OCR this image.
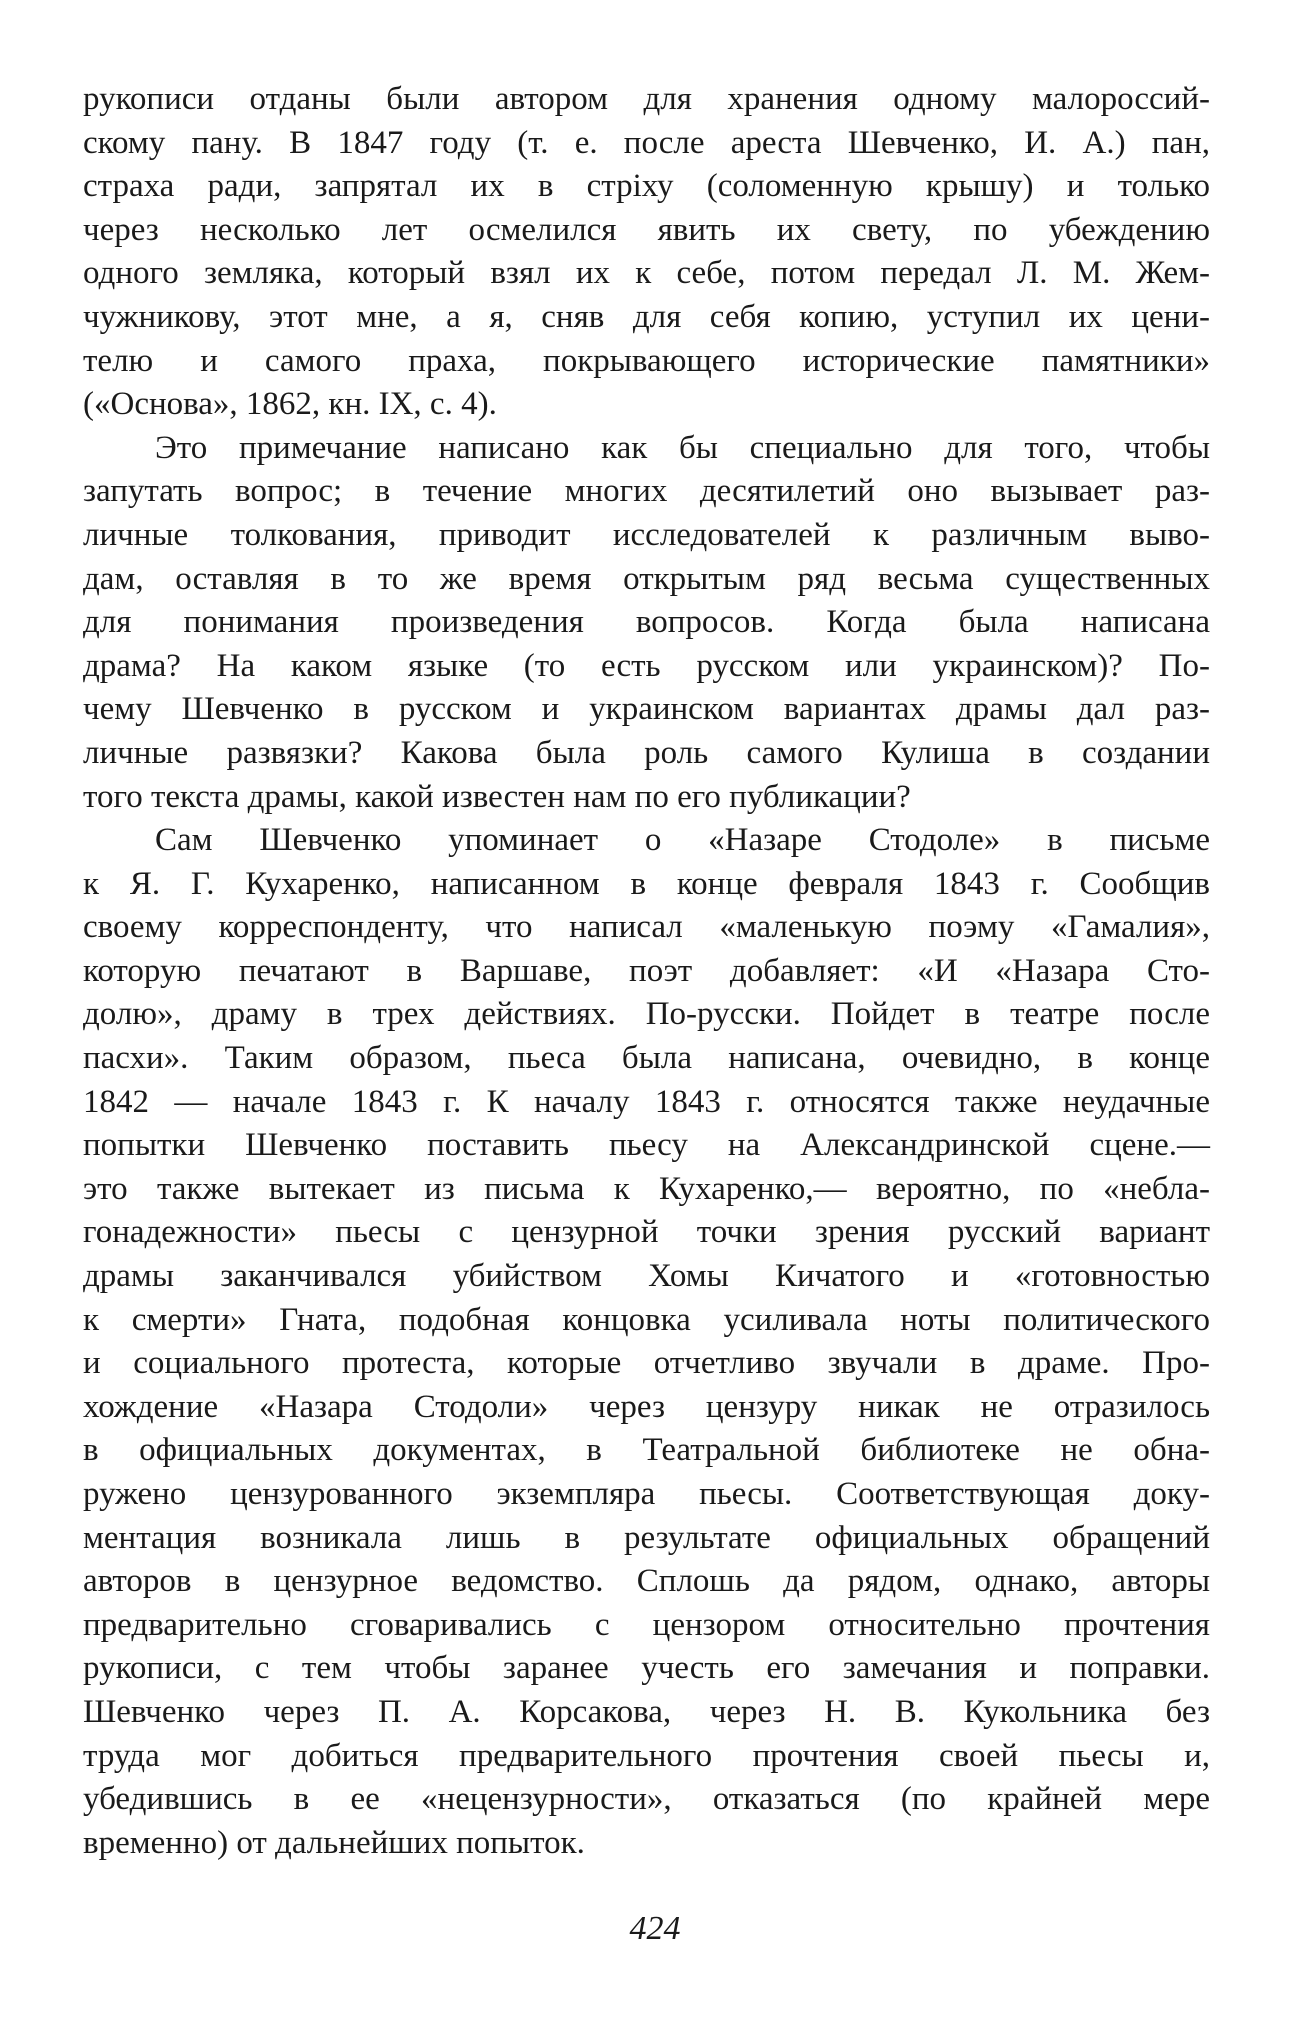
рукописи отданы были автором для хранения одному малороссий-
скому пану. В 1847 году (т. е. после ареста Шевченко, И. А.) пан,
страха ради, запрятал их в стріху (соломенную крышу) и только
через несколько лет осмелился явить их свету, по убеждению
одного земляка, который взял их к себе, потом передал Л. М. Жем-
чужникову, этот мне, а я, сняв для себя копию, уступил их цени-
телю и самого праха, покрывающего исторические памятники»
(«Основа», 1862, кн. IX, с. 4).
Это примечание написано как бы специально для того, чтобы
запутать вопрос; в течение многих десятилетий оно вызывает раз-
личные толкования, приводит исследователей к различным выво-
дам, оставляя в то же время открытым ряд весьма существенных
для понимания произведения вопросов. Когда была написана
драма? На каком языке (то есть русском или украинском)? По-
чему Шевченко в русском и украинском вариантах драмы дал раз-
личные развязки? Какова была роль самого Кулиша в создании
того текста драмы, какой известен нам по его публикации?
Сам Шевченко упоминает о «Назаре Стодоле» в письме
к Я. Г. Кухаренко, написанном в конце февраля 1843 г. Сообщив
своему корреспонденту, что написал «маленькую поэму «Гамалия»,
которую печатают в Варшаве, поэт добавляет: «И «Назара Сто-
долю», драму в трех действиях. По-русски. Пойдет в театре после
пасхи». Таким образом, пьеса была написана, очевидно, в конце
1842 — начале 1843 г. К началу 1843 г. относятся также неудачные
попытки Шевченко поставить пьесу на Александринской сцене.—
это также вытекает из письма к Кухаренко,— вероятно, по «небла-
гонадежности» пьесы с цензурной точки зрения русский вариант
драмы заканчивался убийством Хомы Кичатого и «готовностью
к смерти» Гната, подобная концовка усиливала ноты политического
и социального протеста, которые отчетливо звучали в драме. Про-
хождение «Назара Стодоли» через цензуру никак не отразилось
в официальных документах, в Театральной библиотеке не обна-
ружено цензурованного экземпляра пьесы. Соответствующая доку-
ментация возникала лишь в результате официальных обращений
авторов в цензурное ведомство. Сплошь да рядом, однако, авторы
предварительно сговаривались с цензором относительно прочтения
рукописи, с тем чтобы заранее учесть его замечания и поправки.
Шевченко через П. А. Корсакова, через Н. В. Кукольника без
труда мог добиться предварительного прочтения своей пьесы и,
убедившись в ее «нецензурности», отказаться (по крайней мере
временно) от дальнейших попыток.
424
